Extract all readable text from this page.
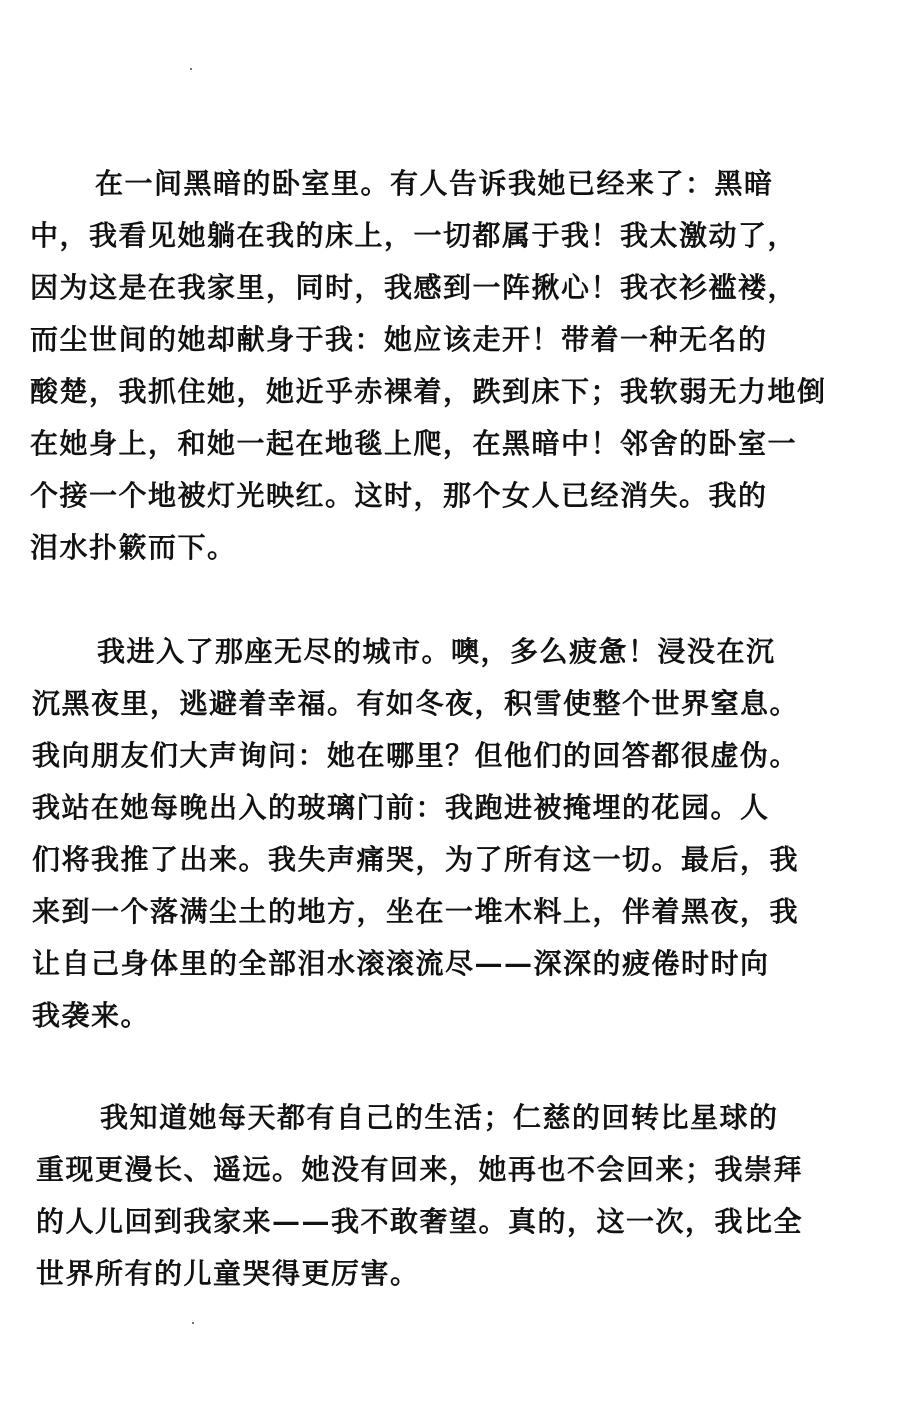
在一间黑暗的卧室里。有人告诉我她已经来了：黑暗
中，我看见她躺在我的床上，一切都属于我！我太激动了，
因为这是在我家里，同时，我感到一阵揪心！我衣衫褴褛，
而尘世间的她却献身于我：她应该走开！带着一种无名的
酸楚，我抓住她，她近乎赤裸着，跌到床下；我软弱无力地倒
在她身上，和她一起在地毯上爬，在黑暗中！邻舍的卧室一
个接一个地被灯光映红。这时，那个女人已经消失。我的
泪水扑簌而下。
我进入了那座无尽的城市。噢，多么疲惫！浸没在沉
沉黑夜里，逃避着幸福。有如冬夜，积雪使整个世界窒息。
我向朋友们大声询问：她在哪里？但他们的回答都很虚伪。
我站在她每晚出入的玻璃门前：我跑进被掩埋的花园。人
们将我推了出来。我失声痛哭，为了所有这一切。最后，我
来到一个落满尘土的地方，坐在一堆木料上，伴着黑夜，我
让自己身体里的全部泪水滚滚流尽——深深的疲倦时时向
我袭来。
我知道她每天都有自己的生活；仁慈的回转比星球的
重现更漫长、遥远。她没有回来，她再也不会回来；我崇拜
的人儿回到我家来——我不敢奢望。真的，这一次，我比全
世界所有的儿童哭得更厉害。
